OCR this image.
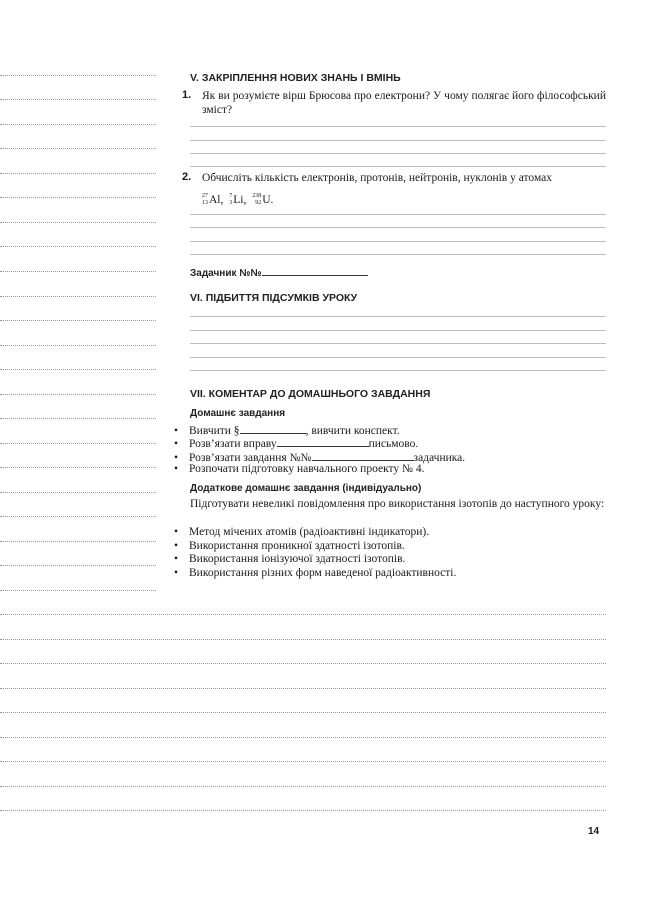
V. ЗАКРІПЛЕННЯ НОВИХ ЗНАНЬ І ВМІНЬ
1. Як ви розумієте вірш Брюсова про електрони? У чому полягає його філософський зміст?
2. Обчисліть кількість електронів, протонів, нейтронів, нуклонів у атомах
27
13 Al ,
7
3 Li ,
238
92 U .
Задачник №№
VI. ПІДБИТТЯ ПІДСУМКІВ УРОКУ
VII. КОМЕНТАР ДО ДОМАШНЬОГО ЗАВДАННЯ
Домашнє завдання
• Вивчити §	, вивчити конспект.
• Розв’язати вправу	письмово.
• Розв’язати завдання №№	задачника.
• Розпочати підготовку навчального проекту № 4.
Додаткове домашнє завдання (індивідуально)
Підготувати невеликі повідомлення про використання ізотопів до наступного уроку:
• Метод мічених атомів (радіоактивні індикатори).
• Використання проникної здатності ізотопів.
• Використання іонізуючої здатності ізотопів.
• Використання різних форм наведеної радіоактивності.
14
